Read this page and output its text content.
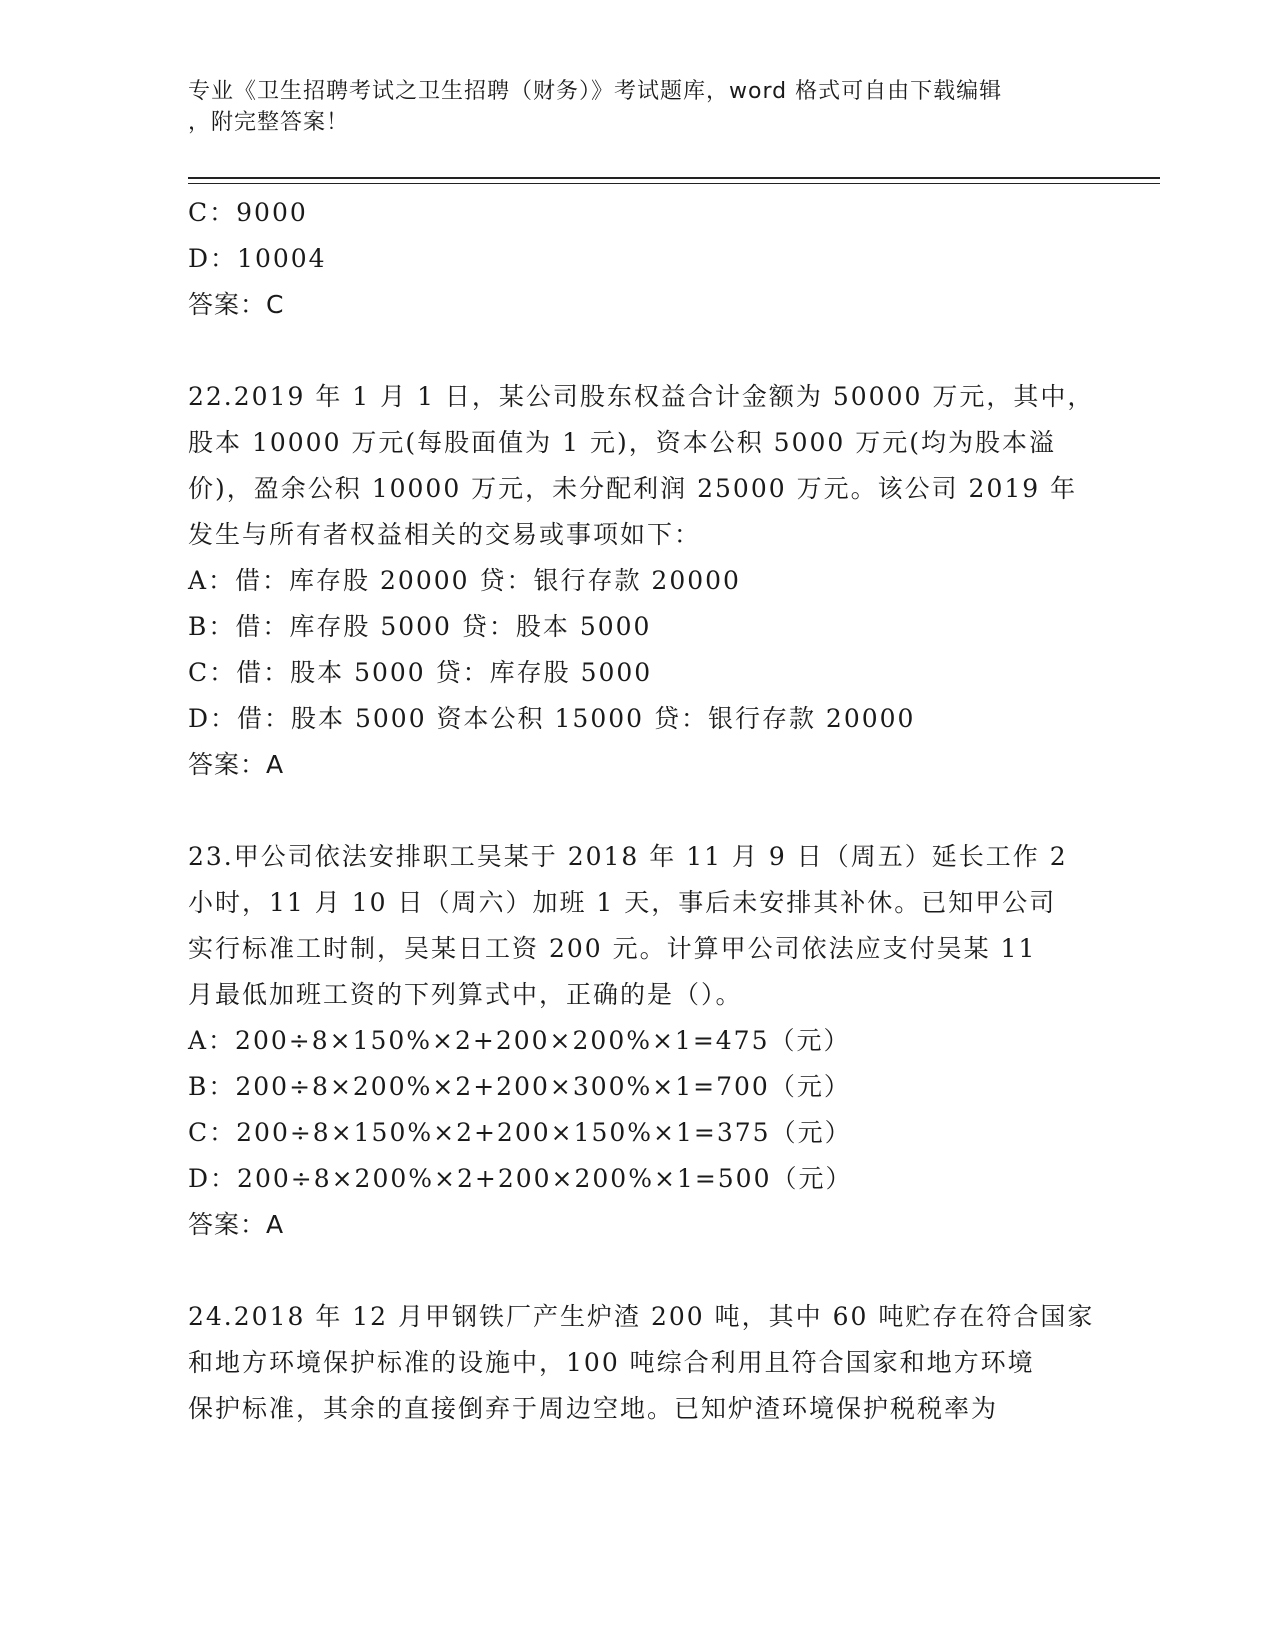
专业《卫生招聘考试之卫生招聘（财务）》考试题库，word 格式可自由下载编辑
，附完整答案！
C：9000
D：10004
答案：C
22.2019 年 1 月 1 日，某公司股东权益合计金额为 50000 万元，其中，
股本 10000 万元(每股面值为 1 元)，资本公积 5000 万元(均为股本溢
价)，盈余公积 10000 万元，未分配利润 25000 万元。该公司 2019 年
发生与所有者权益相关的交易或事项如下：
A：借：库存股 20000 贷：银行存款 20000
B：借：库存股 5000 贷：股本 5000
C：借：股本 5000 贷：库存股 5000
D：借：股本 5000 资本公积 15000 贷：银行存款 20000
答案：A
23.甲公司依法安排职工吴某于 2018 年 11 月 9 日（周五）延长工作 2
小时，11 月 10 日（周六）加班 1 天，事后未安排其补休。已知甲公司
实行标准工时制，吴某日工资 200 元。计算甲公司依法应支付吴某 11
月最低加班工资的下列算式中，正确的是（）。
A：200÷8×150%×2+200×200%×1=475（元）
B：200÷8×200%×2+200×300%×1=700（元）
C：200÷8×150%×2+200×150%×1=375（元）
D：200÷8×200%×2+200×200%×1=500（元）
答案：A
24.2018 年 12 月甲钢铁厂产生炉渣 200 吨，其中 60 吨贮存在符合国家
和地方环境保护标准的设施中，100 吨综合利用且符合国家和地方环境
保护标准，其余的直接倒弃于周边空地。已知炉渣环境保护税税率为
